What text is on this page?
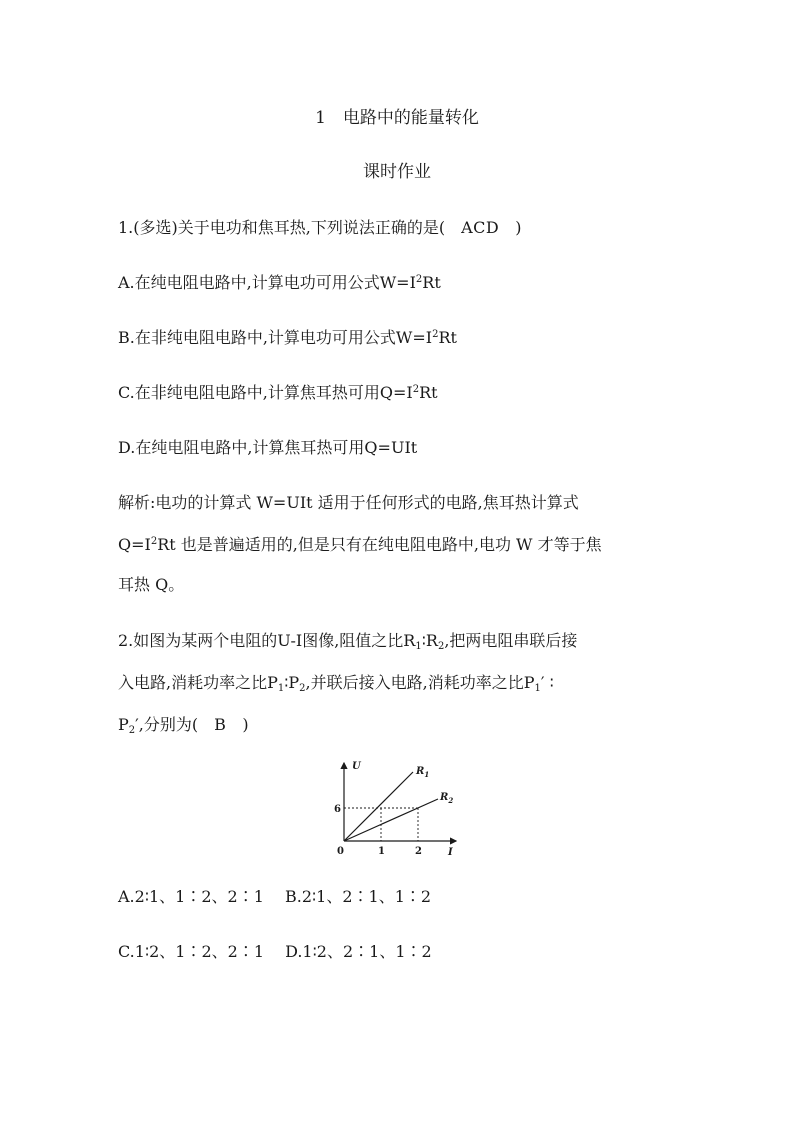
1　电路中的能量转化
课时作业
1.(多选)关于电功和焦耳热,下列说法正确的是(　ACD　)
A.在纯电阻电路中,计算电功可用公式$W=I^2Rt$
B.在非纯电阻电路中,计算电功可用公式$W=I^2Rt$
C.在非纯电阻电路中,计算焦耳热可用$Q=I^2Rt$
D.在纯电阻电路中,计算焦耳热可用Q=UIt
解析:电功的计算式 W=UIt 适用于任何形式的电路,焦耳热计算式
$Q=I^2Rt$ 也是普遍适用的,但是只有在纯电阻电路中,电功 W 才等于焦
耳热 Q。
2.如图为某两个电阻的U-I图像,阻值之比$R_1∶R_2$,把两电阻串联后接
入电路,消耗功率之比$P_1∶P_2$,并联后接入电路,消耗功率之比$P_1'$ ∶
$P_2'$,分别为(　B　)
U
I
0
6
1	2
$R_1$
$R_2$
A.2∶1、1∶2、2∶1　 B.2∶1、2∶1、1∶2
C.1∶2、1∶2、2∶1　 D.1∶2、2∶1、1∶2
